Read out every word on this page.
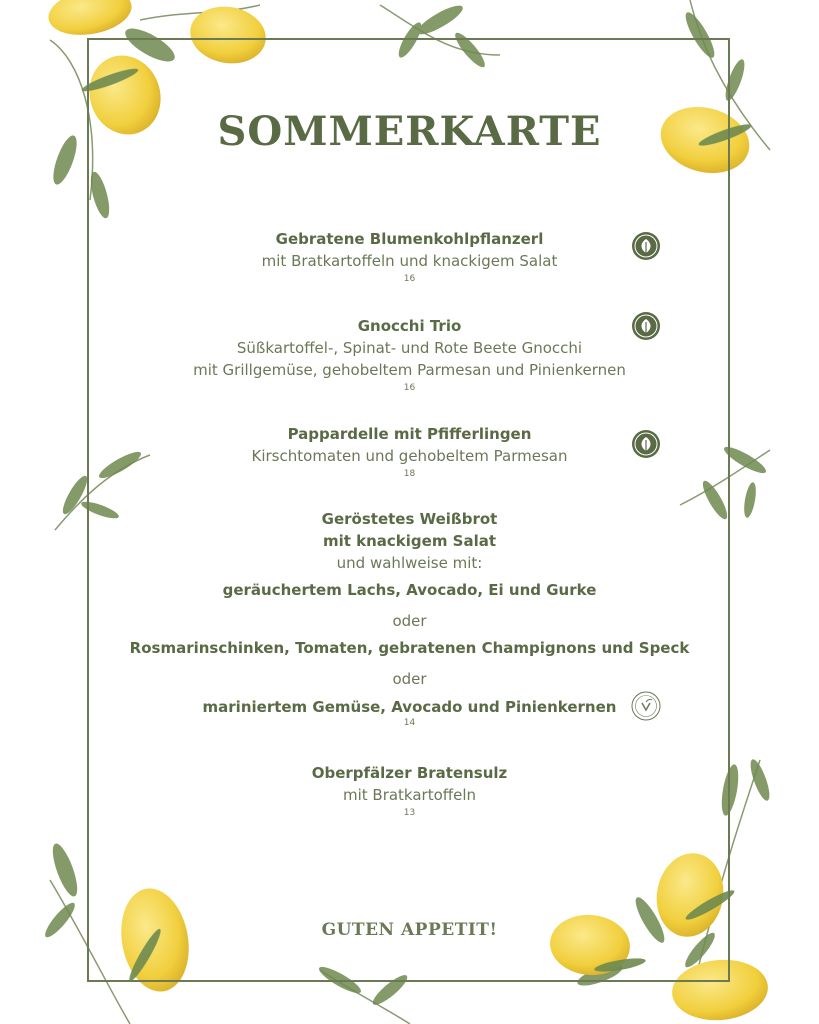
SOMMERKARTE
Gebratene Blumenkohlpflanzerl
mit Bratkartoffeln und knackigem Salat
16
Gnocchi Trio
Süßkartoffel-, Spinat- und Rote Beete Gnocchi
mit Grillgemüse, gehobeltem Parmesan und Pinienkernen
16
Pappardelle mit Pfifferlingen
Kirschtomaten und gehobeltem Parmesan
18
Geröstetes Weißbrot
mit knackigem Salat
und wahlweise mit:
geräuchertem Lachs, Avocado, Ei und Gurke
oder
Rosmarinschinken, Tomaten, gebratenen Champignons und Speck
oder
mariniertem Gemüse, Avocado und Pinienkernen
14
Oberpfälzer Bratensulz
mit Bratkartoffeln
13
GUTEN APPETIT!
